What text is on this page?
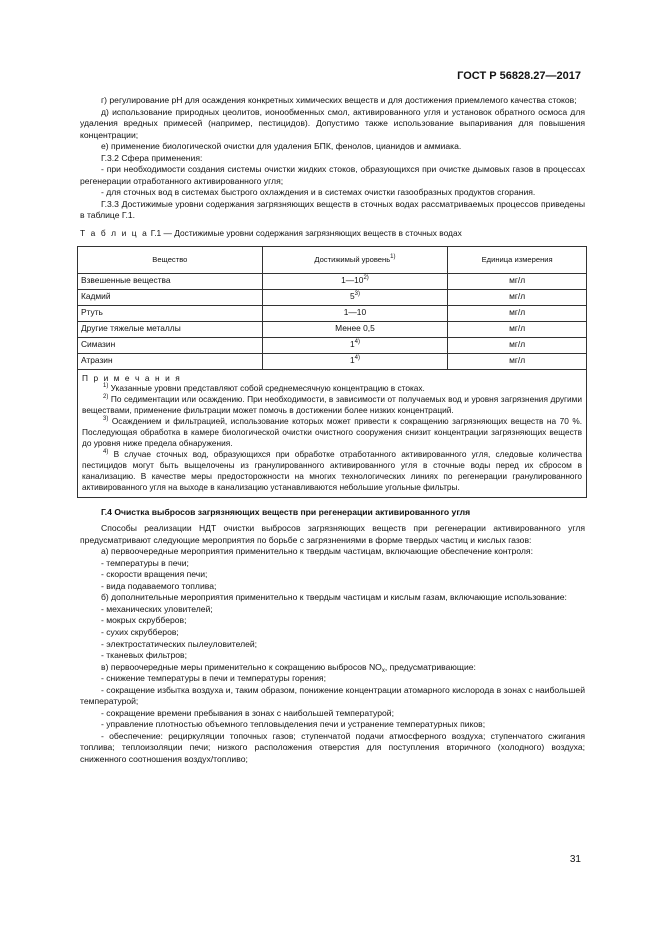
ГОСТ Р 56828.27—2017

г) регулирование рН для осаждения конкретных химических веществ и для достижения приемлемого качества стоков;

д) использование природных цеолитов, ионообменных смол, активированного угля и установок обратного осмоса для удаления вредных примесей (например, пестицидов). Допустимо также использование выпаривания для повышения концентрации;

е) применение биологической очистки для удаления БПК, фенолов, цианидов и аммиака.

Г.3.2 Сфера применения:

- при необходимости создания системы очистки жидких стоков, образующихся при очистке дымовых газов в процессах регенерации отработанного активированного угля;

- для сточных вод в системах быстрого охлаждения и в системах очистки газообразных продуктов сгорания.

Г.3.3 Достижимые уровни содержания загрязняющих веществ в сточных водах рассматриваемых процессов приведены в таблице Г.1.

Т а б л и ц а Г.1 — Достижимые уровни содержания загрязняющих веществ в сточных водах

Вещество	Достижимый уровень$^{1)}$	Единица измерения
Взвешенные вещества	1—10$^{2)}$	мг/л
Кадмий	5$^{3)}$	мг/л
Ртуть	1—10	мг/л
Другие тяжелые металлы	Менее 0,5	мг/л
Симазин	1$^{4)}$	мг/л
Атразин	1$^{4)}$	мг/л

П р и м е ч а н и я
$^{1)}$ Указанные уровни представляют собой среднемесячную концентрацию в стоках.
$^{2)}$ По седиментации или осаждению. При необходимости, в зависимости от получаемых вод и уровня загрязнения другими веществами, применение фильтрации может помочь в достижении более низких концентраций.
$^{3)}$ Осаждением и фильтрацией, использование которых может привести к сокращению загрязняющих веществ на 70 %. Последующая обработка в камере биологической очистки очистного сооружения снизит концентрации загрязняющих веществ до уровня ниже предела обнаружения.
$^{4)}$ В случае сточных вод, образующихся при обработке отработанного активированного угля, следовые количества пестицидов могут быть выщелочены из гранулированного активированного угля в сточные воды перед их сбросом в канализацию. В качестве меры предосторожности на многих технологических линиях по регенерации гранулированного активированного угля на выходе в канализацию устанавливаются небольшие угольные фильтры.		

Г.4 Очистка выбросов загрязняющих веществ при регенерации активированного угля

Способы реализации НДТ очистки выбросов загрязняющих веществ при регенерации активированного угля предусматривают следующие мероприятия по борьбе с загрязнениями в форме твердых частиц и кислых газов:

а) первоочередные мероприятия применительно к твердым частицам, включающие обеспечение контроля:

- температуры в печи;

- скорости вращения печи;

- вида подаваемого топлива;

б) дополнительные мероприятия применительно к твердым частицам и кислым газам, включающие использование:

- механических уловителей;

- мокрых скрубберов;

- сухих скрубберов;

- электростатических пылеуловителей;

- тканевых фильтров;

в) первоочередные меры применительно к сокращению выбросов $NO_x$, предусматривающие:

- снижение температуры в печи и температуры горения;

- сокращение избытка воздуха и, таким образом, понижение концентрации атомарного кислорода в зонах с наибольшей температурой;

- сокращение времени пребывания в зонах с наибольшей температурой;

- управление плотностью объемного тепловыделения печи и устранение температурных пиков;

- обеспечение: рециркуляции топочных газов; ступенчатой подачи атмосферного воздуха; ступенчатого сжигания топлива; теплоизоляции печи; низкого расположения отверстия для поступления вторичного (холодного) воздуха; сниженного соотношения воздух/топливо;

31
